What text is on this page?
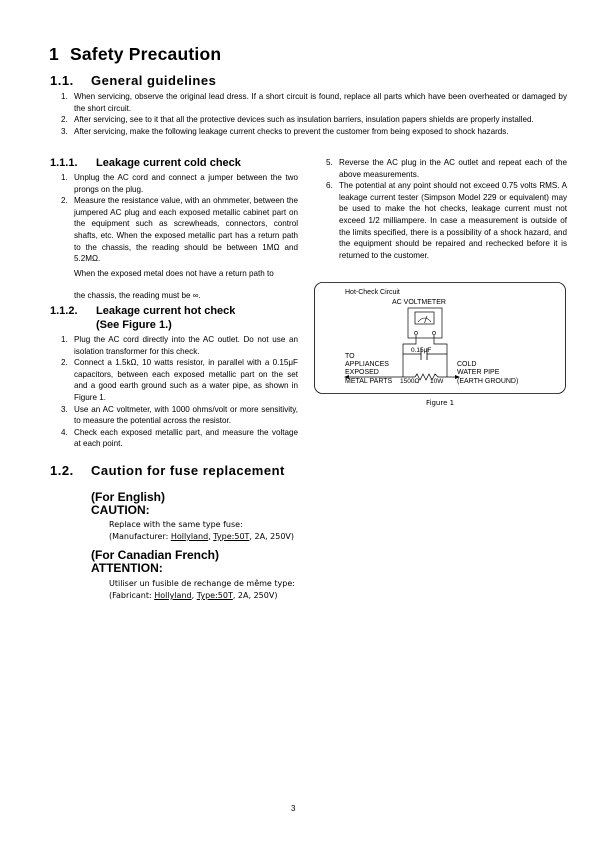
1 Safety Precaution
1.1. General guidelines
1. When servicing, observe the original lead dress. If a short circuit is found, replace all parts which have been overheated or damaged by the short circuit.
2. After servicing, see to it that all the protective devices such as insulation barriers, insulation papers shields are properly installed.
3. After servicing, make the following leakage current checks to prevent the customer from being exposed to shock hazards.
1.1.1. Leakage current cold check
1. Unplug the AC cord and connect a jumper between the two prongs on the plug.
2. Measure the resistance value, with an ohmmeter, between the jumpered AC plug and each exposed metallic cabinet part on the equipment such as screwheads, connectors, control shafts, etc. When the exposed metallic part has a return path to the chassis, the reading should be between 1MΩ and 5.2MΩ.
When the exposed metal does not have a return path to
the chassis, the reading must be ∞.
1.1.2. Leakage current hot check
(See Figure 1.)
1. Plug the AC cord directly into the AC outlet. Do not use an isolation transformer for this check.
2. Connect a 1.5kΩ, 10 watts resistor, in parallel with a 0.15μF capacitors, between each exposed metallic part on the set and a good earth ground such as a water pipe, as shown in Figure 1.
3. Use an AC voltmeter, with 1000 ohms/volt or more sensitivity, to measure the potential across the resistor.
4. Check each exposed metallic part, and measure the voltage at each point.
5. Reverse the AC plug in the AC outlet and repeat each of the above measurements.
6. The potential at any point should not exceed 0.75 volts RMS. A leakage current tester (Simpson Model 229 or equivalent) may be used to make the hot checks, leakage current must not exceed 1/2 milliampere. In case a measurement is outside of the limits specified, there is a possibility of a shock hazard, and the equipment should be repaired and rechecked before it is returned to the customer.
Hot-Check Circuit
AC VOLTMETER
0.15μF
TO
APPLIANCES
EXPOSED
METAL PARTS 1500Ω 10W
COLD
WATER PIPE
(EARTH GROUND)
Figure 1
1.2. Caution for fuse replacement
(For English)
CAUTION:
Replace with the same type fuse:
(Manufacturer: Hollyland, Type:50T, 2A, 250V)
(For Canadian French)
ATTENTION:
Utiliser un fusible de rechange de même type:
(Fabricant: Hollyland, Type:50T, 2A, 250V)
3
